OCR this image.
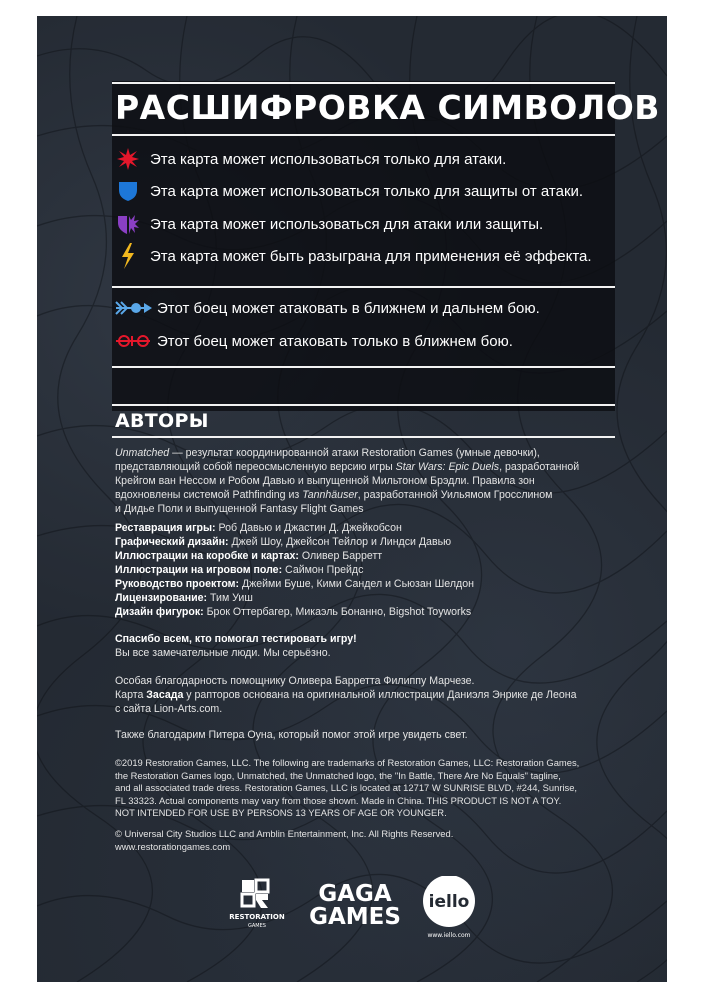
РАСШИФРОВКА СИМВОЛОВ
Эта карта может использоваться только для атаки.
Эта карта может использоваться только для защиты от атаки.
Эта карта может использоваться для атаки или защиты.
Эта карта может быть разыграна для применения её эффекта.
Этот боец может атаковать в ближнем и дальнем бою.
Этот боец может атаковать только в ближнем бою.
АВТОРЫ

Unmatched — результат координированной атаки Restoration Games (умные девочки),

представляющий собой переосмысленную версию игры Star Wars: Epic Duels, разработанной

Крейгом ван Нессом и Робом Давью и выпущенной Мильтоном Брэдли. Правила зон

вдохновлены системой Pathfinding из Tannhäuser, разработанной Уильямом Гросслином

и Дидье Поли и выпущенной Fantasy Flight Games

Реставрация игры: Роб Давью и Джастин Д. Джейкобсон

Графический дизайн: Джей Шоу, Джейсон Тейлор и Линдси Давью

Иллюстрации на коробке и картах: Оливер Барретт

Иллюстрации на игровом поле: Саймон Прейдс

Руководство проектом: Джейми Буше, Кими Сандел и Сьюзан Шелдон

Лицензирование: Тим Уиш

Дизайн фигурок: Брок Оттербагер, Микаэль Бонанно, Bigshot Toyworks

Спасибо всем, кто помогал тестировать игру!

Вы все замечательные люди. Мы серьёзно.

Особая благодарность помощнику Оливера Барретта Филиппу Марчезе.

Карта Засада у рапторов основана на оригинальной иллюстрации Даниэля Энрике де Леона

с сайта Lion-Arts.com.

Также благодарим Питера Оуна, который помог этой игре увидеть свет.

©2019 Restoration Games, LLC. The following are trademarks of Restoration Games, LLC: Restoration Games,

the Restoration Games logo, Unmatched, the Unmatched logo, the "In Battle, There Are No Equals" tagline,

and all associated trade dress. Restoration Games, LLC is located at 12717 W SUNRISE BLVD, #244, Sunrise,

FL 33323. Actual components may vary from those shown. Made in China. THIS PRODUCT IS NOT A TOY.

NOT INTENDED FOR USE BY PERSONS 13 YEARS OF AGE OR YOUNGER.

© Universal City Studios LLC and Amblin Entertainment, Inc. All Rights Reserved.

www.restorationgames.com

RESTORATION
GAMES
GAGA
GAMES
iello
www.iello.com
